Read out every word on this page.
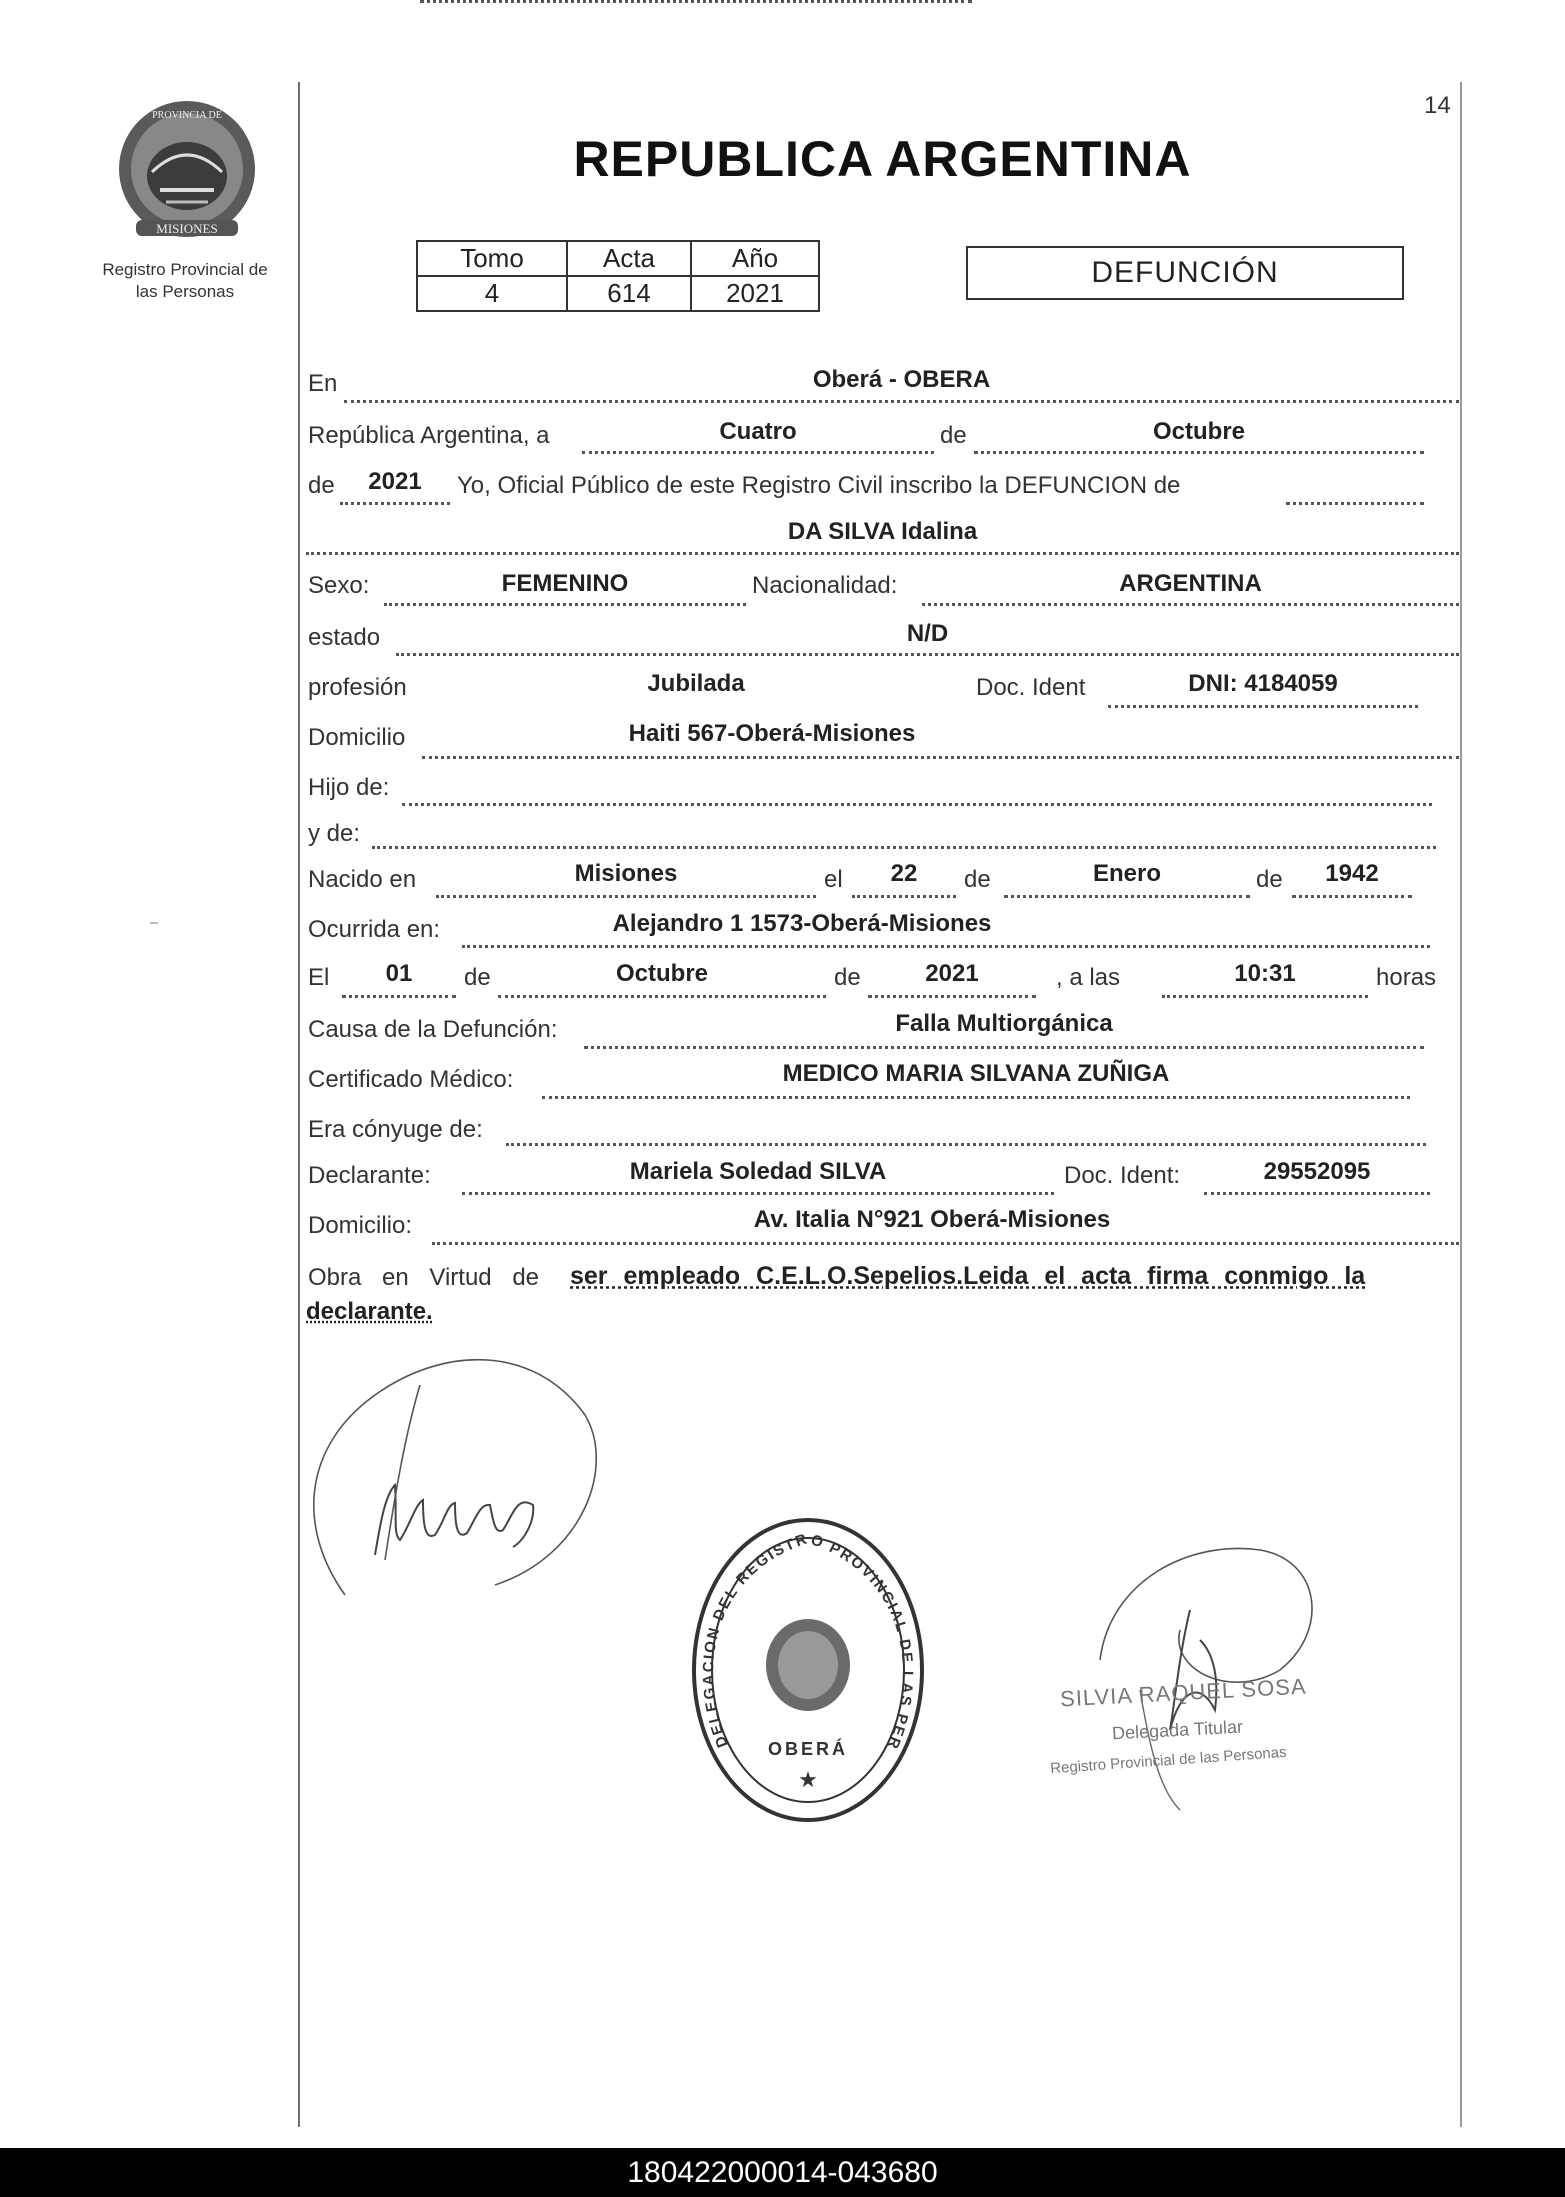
14
MISIONES
PROVINCIA DE
Registro Provincial de
las Personas
REPUBLICA ARGENTINA
Tomo	Acta	Año
4	614	2021
DEFUNCIÓN
En	Oberá - OBERA
República Argentina, a	Cuatro	de	Octubre
de	2021	Yo, Oficial Público de este Registro Civil inscribo la DEFUNCION de
DA SILVA Idalina
Sexo:	FEMENINO	Nacionalidad:	ARGENTINA
estado	N/D
profesión	Jubilada	Doc. Ident	DNI: 4184059
Domicilio	Haiti 567-Oberá-Misiones
Hijo de:
y de:
Nacido en	Misiones	el	22	de	Enero	de	1942
Ocurrida en:	Alejandro 1 1573-Oberá-Misiones
El	01	de	Octubre	de	2021	, a las	10:31	horas
Causa de la Defunción:	Falla Multiorgánica
Certificado Médico:	MEDICO MARIA SILVANA ZUÑIGA
Era cónyuge de:
Declarante:	Mariela Soledad SILVA	Doc. Ident:	29552095
Domicilio:	Av. Italia N°921 Oberá-Misiones
Obra en Virtud de ser empleado C.E.L.O.Sepelios.Leida el acta firma conmigo la
declarante.
DELEGACION DEL REGISTRO PROVINCIAL DE LAS PER
OBERÁ
★
SILVIA RAQUEL SOSA
Delegada Titular
Registro Provincial de las Personas
180422000014-043680
